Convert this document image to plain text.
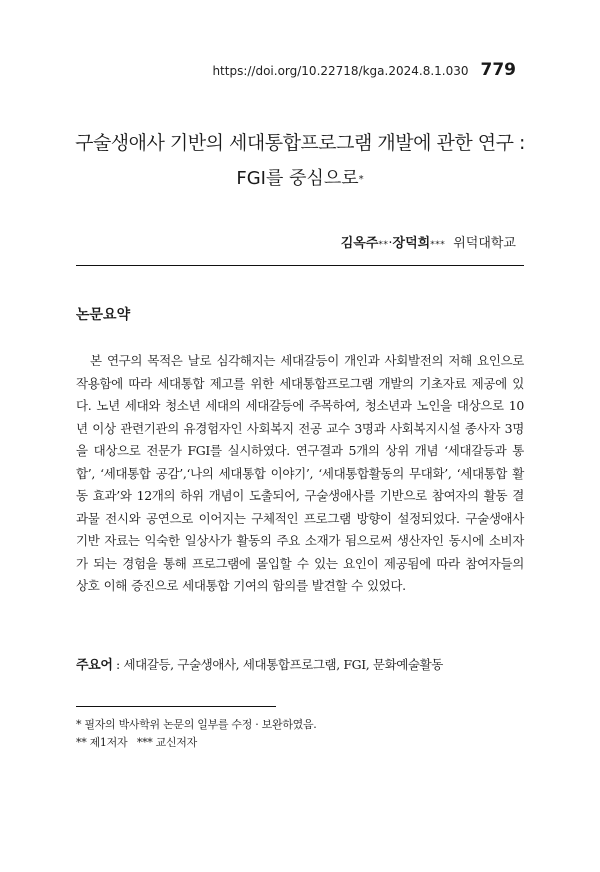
https://doi.org/10.22718/kga.2024.8.1.030 779
구술생애사 기반의 세대통합프로그램 개발에 관한 연구 :
FGI를 중심으로*
김옥주**·장덕희*** 위덕대학교
논문요약
본 연구의 목적은 날로 심각해지는 세대갈등이 개인과 사회발전의 저해 요인으로 작용함에 따라 세대통합 제고를 위한 세대통합프로그램 개발의 기초자료 제공에 있다. 노년 세대와 청소년 세대의 세대갈등에 주목하여, 청소년과 노인을 대상으로 10년 이상 관련기관의 유경험자인 사회복지 전공 교수 3명과 사회복지시설 종사자 3명을 대상으로 전문가 FGI를 실시하였다. 연구결과 5개의 상위 개념 ‘세대갈등과 통합’, ‘세대통합 공감’,‘나의 세대통합 이야기’, ‘세대통합활동의 무대화’, ‘세대통합 활동 효과’와 12개의 하위 개념이 도출되어, 구술생애사를 기반으로 참여자의 활동 결과물 전시와 공연으로 이어지는 구체적인 프로그램 방향이 설정되었다. 구술생애사 기반 자료는 익숙한 일상사가 활동의 주요 소재가 됨으로써 생산자인 동시에 소비자가 되는 경험을 통해 프로그램에 몰입할 수 있는 요인이 제공됨에 따라 참여자들의 상호 이해 증진으로 세대통합 기여의 함의를 발견할 수 있었다.
주요어 : 세대갈등, 구술생애사, 세대통합프로그램, FGI, 문화예술활동
* 필자의 박사학위 논문의 일부를 수정 · 보완하였음.
** 제1저자   *** 교신저자
